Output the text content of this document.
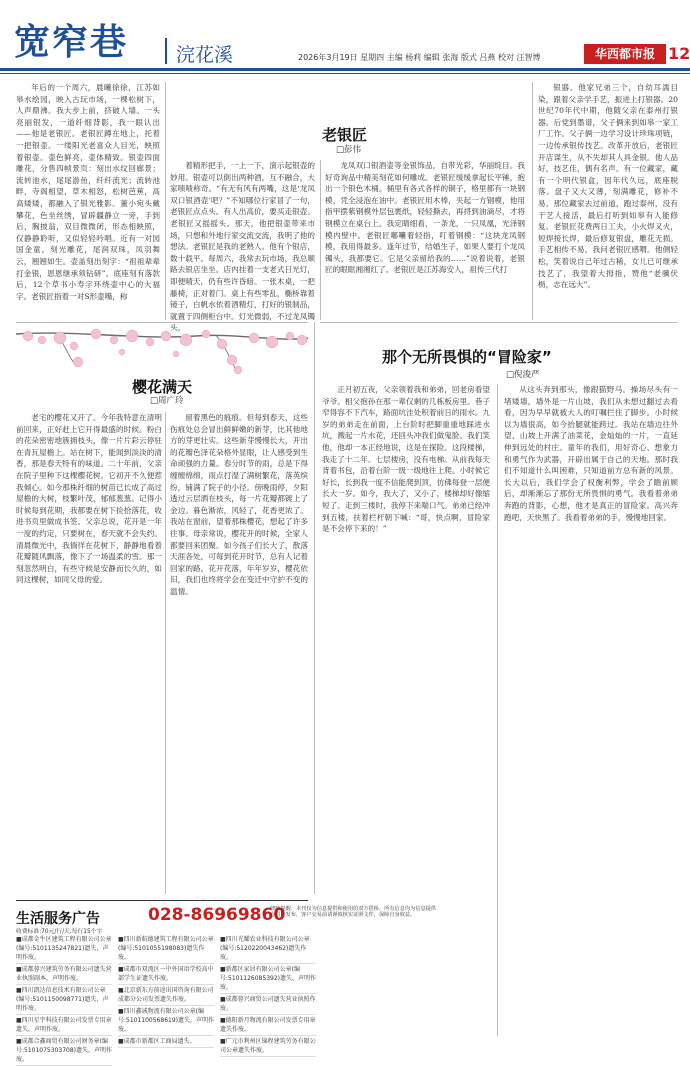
宽窄巷	浣花溪	2026年3月19日 星期四 主编 杨莉 编辑 张海 版式 吕燕 校对 汪智博	华西都市报 12
老银匠
□彭伟

年后的一个周六，晨曦徐徐，江苏如皋水绘园，映入古玩市场，一棵松树下，人声鼎沸。我大步上前，挤破人墙。一头亮丽银发，一道纤细背影，我一眼认出——他是老银匠。老银匠蹲在地上，托着一把银壶。一缕阳光老喜众人目光，映照着银壶。壶色鲜亮，壶体精致。银壶四面雕花，分售四帧景页：刻出水纹回廊景；流转池水，尾尾游鱼，纤纤流光；流转池畔，寺阁相望，草木相怒，松树芭蕉，高高矮矮，都融入了银光雅影。董小宛头戴攀花，色坐丝绣，冒辟疆静立一旁，手到后，胸披翁，双目微微闭，形态相映照，仅静静聆听，又似轻轻吟唱。近有一对园国金童，刻光雕花，尾润双珠，凤羽舞云，翘翘如生。壶盖刻出刻字：“祖祖辈辈打金银，恩恩继承须钻研”。底座刻有落款后，12个草书小寿字环绕壶中心的大福字。老银匠指着一对S形壶嘴，称

着精形把手，一上一下，演示起银壶的妙用。银壶可以倒出两种酒，互不融合，大家啧啧称奇。“有无有风有两嘴，这是‘龙凤双口银酒壶’吧？”不知哪位行家冒了一句，老银匠点点头。有人出高价，要买走银壶。老银匠又摇摇头。那天，他把银壶带来市场，只想和外地行家交流交流，我明了他的想法。老银匠是我的老熟人。他有个银店，数十载平。每周六，我常去玩市场，我总顺路去银店坐坐。店内挂着一支老式日光灯，即便晴天，仍有些许昏暗。一张木桌，一把藤椅，正对着门。桌上有些零乱，椭桥靠着镜子，白帆水依着酒精灯，打好的银制品，就置于四侧柜台中。灯光微弱，不过龙凤镯头，

龙凤双口银酒壶等金银饰品，自带光彩，华丽绽目。我好奇询品中精美刻花如何雕成。老银匠缓缓拿起长平锤，抱出一个银色木桶。桶里有各式各样的铜子，格里都有一块钢模，凭全浸泡在油中。老银匠用木棒，夹起一方钢模，他用指甲摆紫钢模外层包裹纸，轻轻撕去，再捋到油滴尽，才将钢模立在桌台上。我定睛细看，一条龙，一只凤凰，光泽钢模内壁中。老银匠嘟囔着轻指，叮着钢模：“这块龙凤钢模，我用得最多。逢年过节，结婚生子，如果人要打个龙凤镯头，我都要它。它是父亲留给我的……”说着说着，老银匠的眼眶湘湘红了。老银匠是江苏海安人，祖传三代打

银器。他家兄弟三个，自幼耳濡目染，跟着父亲学手艺，振进上打银器。20世纪70年代中期，他随父亲在泰州打银器。后党到墨谱，父子俩来到如皋一家工厂工作。父子俩一边学习设计珍珠项链，一边传承银传技艺。改革开放后，老银匠开店谋生，从不失却其人具金银。他人品好，技艺佳，偶有名声。有一位藏家，藏有一个明代银盒，因年代久远，底座脱落。盘子又大又薄，刻满雕花，修补不易。那位藏家去过前道，跑过泰州，没有干艺人接活，最后打听到如皋有人能修复。老银匠花费两日工夫，小火焊又火，短焊接长焊，最后修复银盘，雕花无损。手艺相传不易，我问老银匠感喟。他侧轻松，笑着说自己年过古稀，女儿已可继承技艺了，我望着大拇指，赞他“老骥伏枥，志在远大”。

樱花满天
□周广玲

老宅的樱花又开了。今年我特意在清明前回来，正好赶上它开得最盛的时候。粉白的花朵密密地簇拥枝头，像一片片彩云停驻在青瓦屋檐上。站在树下，能闻到淡淡的清香，那是春天特有的味道。二十年前，父亲在院子里种下这棵樱花树。它初开不久便惹我倾心。如今那株纤细的树苗已长成了高过屋檐的大树，枝繁叶茂，郁郁葱葱。记得小时候每到花期，我都要在树下捡拾落花，收进书页里做成书签。父亲总说，花开是一年一度的约定，只要树在，春天就不会失约。清晨微光中，我徜徉在花树下，静静地看着花瓣随风飘落，像下了一场温柔的雪。那一刻忽然明白，有些守候是安静而长久的，如同这棵树，如同父母的爱。

留着黑色的痕痕。但每到春天，这些伤痕处总会冒出鲜鲜嫩的新芽，比其他地方的芽更壮实。这些新芽慢慢长大，开出的花瓣色泽花朵格外显眼，让人感受到生命顽强的力量。春分时节的雨，总是下得缠缠绵绵，雨点打湿了满树繁花，落英缤纷，铺满了院子的小径。傍晚雨停，夕阳透过云层洒在枝头，每一片花瓣都镀上了金边。暮色渐浓，风轻了，花香更浓了。我站在窗前，望着那株樱花，想起了许多往事。母亲常说，樱花开的时候，全家人都要回来团聚。如今孩子们长大了，散落天涯各处，可每到花开时节，总有人记着回家的路。花开花落，年年岁岁，樱花依旧，我们也终将学会在变迁中守护不变的温情。

那个无所畏惧的“冒险家”
□倪浚严

正月初五夜，父亲领着我和弟弟，回老房看望爷爷。相父抱孙在那一辈仅剩的几栋板房里。巷子窄得容不下汽车，路面坑洼处积着前日的雨水。九岁的弟弟走在前面，上台阶时把脚重重地踩进水坑，溅起一片水花，还回头冲我们做鬼脸。我们笑他，他却一本正经地说，这是在探险。这段楼梯，我走了十二年。七层楼房，没有电梯。从前我每天背着书包，沿着台阶一级一级地往上爬。小时候它好长，长到我一度不信能爬到顶，仿佛每登一层便长大一岁。如今，我大了，又小了，楼梯却好像缩短了。走到三楼时，我停下来喘口气。弟弟已经冲到五楼，扶着栏杆朝下喊：“哥，快点啊，冒险家是不会停下来的！”

从这头奔到那头，像跟猫野马。操场尽头有一堵矮墙，墙外是一片山坡，我们从未想过翻过去看看，因为早早就被大人的叮嘱拦住了脚步。小时候以为墙很高，如今抬腿就能跨过。我站在墙边往外望，山坡上开满了油菜花，金灿灿的一片，一直延伸到远处的村庄。童年的我们，用好奇心、想象力和勇气作为武器，开辟出属于自己的天地。那时我们不知道什么叫困难，只知道前方总有新的风景。长大以后，我们学会了权衡利弊，学会了瞻前顾后，却渐渐忘了那份无所畏惧的勇气。我看着弟弟奔跑的背影，心想，他才是真正的冒险家。高兴奔跑吧，天快黑了。我看着弟弟的手，慢慢地回家。

生活服务广告	028-86969860
律师提醒：本刊仅为信息提供和使用的双方搭桥，所有信息均为信息提供方自行发布，客户交易前请谨慎核实证照文件，保障自身权益。
收费标准:70元/行/天,每行15个字
■成都金牛区建筑工程有限公司公章(编号:5101135247821)遗失，声明作废。
■成都蓉兴建筑劳务有限公司遗失营业执照副本，声明作废。
■四川凯达信息技术有限公司公章(编号:5101150098771)遗失，声明作废。
■四川星宇科技有限公司发票专用章遗失，声明作废。
■成都合鑫商贸有限公司财务章(编号:5101075303708)遗失，声明作废。
■四川新航德建筑工程有限公司公章(编号:5101055198083)遗失作废。
■成都市双流区一中外国语学校高中部学生证遗失作废。
■北京新东方前途出国咨询有限公司成都分公司发票遗失作废。
■四川鑫诚物流有限公司公章(编号:5101100568619)遗失，声明作废。
■成都市新都区工商局遗失。
■四川光耀农业科技有限公司公章(编号:5120220043462)遗失作废。
■新都区家居有限公司公章(编号:5101126085392)遗失，声明作废。
■成都蓉兴商贸公司遗失营业执照作废。
■德阳新月物流有限公司发票专用章遗失作废。
■广元市利州区锦程建筑劳务有限公司公章遗失作废。
